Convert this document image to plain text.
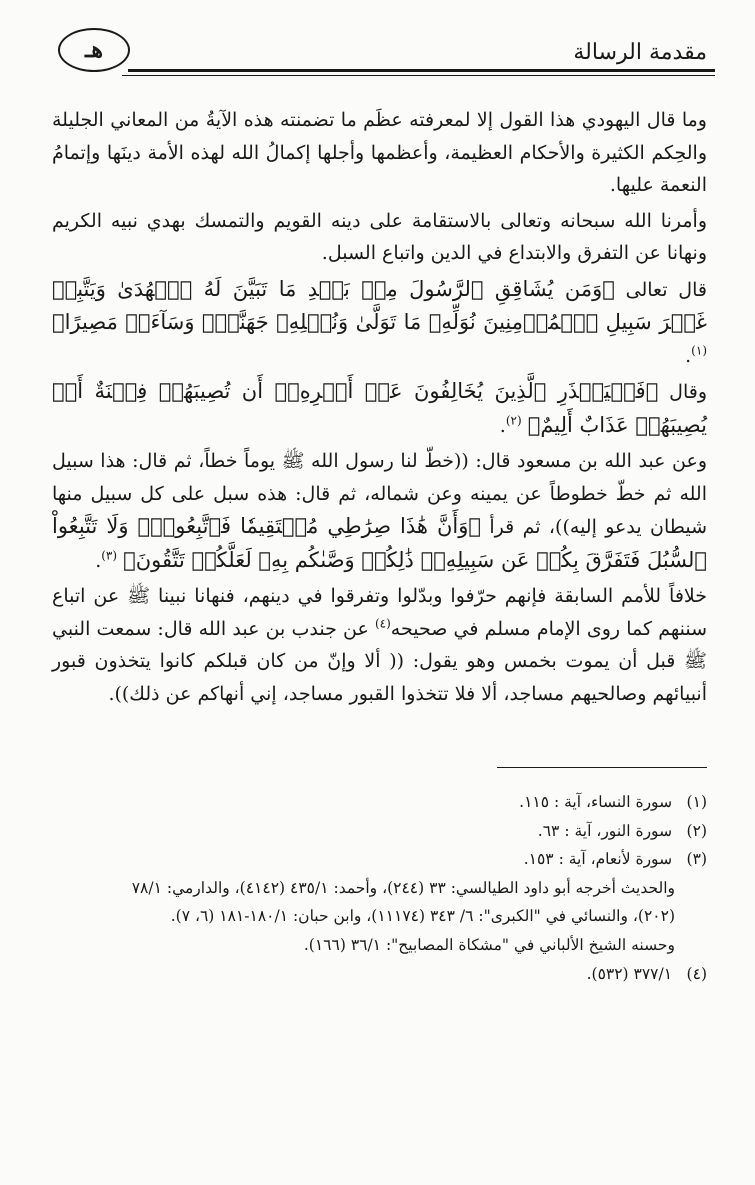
مقدمة الرسالة
هـ

وما قال اليهودي هذا القول إلا لمعرفته عظَم ما تضمنته هذه الآيةُ من المعاني الجليلة والحِكم الكثيرة والأحكام العظيمة، وأعظمها وأجلها إكمالُ الله لهذه الأمة دينَها وإتمامُ النعمة عليها.

وأمرنا الله سبحانه وتعالى بالاستقامة على دينه القويم والتمسك بهدي نبيه الكريم ونهانا عن التفرق والابتداع في الدين واتباع السبل.

قال تعالى ﴿وَمَن يُشَاقِقِ ٱلرَّسُولَ مِنۢ بَعۡدِ مَا تَبَيَّنَ لَهُ ٱلۡهُدَىٰ وَيَتَّبِعۡ غَيۡرَ سَبِيلِ ٱلۡمُؤۡمِنِينَ نُوَلِّهِۦ مَا تَوَلَّىٰ وَنُصۡلِهِۦ جَهَنَّمَۖ وَسَآءَتۡ مَصِيرًا﴾ $^{(١)}$.

وقال ﴿فَلۡيَحۡذَرِ ٱلَّذِينَ يُخَالِفُونَ عَنۡ أَمۡرِهِۦٓ أَن تُصِيبَهُمۡ فِتۡنَةٌ أَوۡ يُصِيبَهُمۡ عَذَابٌ أَلِيمٌ﴾ $^{(٢)}$.

وعن عبد الله بن مسعود قال: ((خطّ لنا رسول الله ﷺ يوماً خطاً، ثم قال: هذا سبيل الله ثم خطّ خطوطاً عن يمينه وعن شماله، ثم قال: هذه سبل على كل سبيل منها شيطان يدعو إليه))، ثم قرأ ﴿وَأَنَّ هَٰذَا صِرَٰطِي مُسۡتَقِيمٗا فَٱتَّبِعُوهُۖ وَلَا تَتَّبِعُواْ ٱلسُّبُلَ فَتَفَرَّقَ بِكُمۡ عَن سَبِيلِهِۦۚ ذَٰلِكُمۡ وَصَّىٰكُم بِهِۦ لَعَلَّكُمۡ تَتَّقُونَ﴾ $^{(٣)}$.

خلافاً للأمم السابقة فإنهم حرّفوا وبدّلوا وتفرقوا في دينهم، فنهانا نبينا ﷺ عن اتباع سننهم كما روى الإمام مسلم في صحيحه$^{(٤)}$ عن جندب بن عبد الله قال: سمعت النبي ﷺ قبل أن يموت بخمس وهو يقول: (( ألا وإنّ من كان قبلكم كانوا يتخذون قبور أنبيائهم وصالحيهم مساجد، ألا فلا تتخذوا القبور مساجد، إني أنهاكم عن ذلك)).

(١) سورة النساء، آية : ١١٥.

(٢) سورة النور، آية : ٦٣.

(٣) سورة لأنعام، آية : ١٥٣.

والحديث أخرجه أبو داود الطيالسي: ٣٣ (٢٤٤)، وأحمد: ٤٣٥/١ (٤١٤٢)، والدارمي: ٧٨/١

(٢٠٢)، والنسائي في "الكبرى": ٦/ ٣٤٣ (١١١٧٤)، وابن حبان: ١٨٠/١-١٨١ (٦، ٧).

وحسنه الشيخ الألباني في "مشكاة المصابيح": ٣٦/١ (١٦٦).

(٤) ٣٧٧/١ (٥٣٢).
